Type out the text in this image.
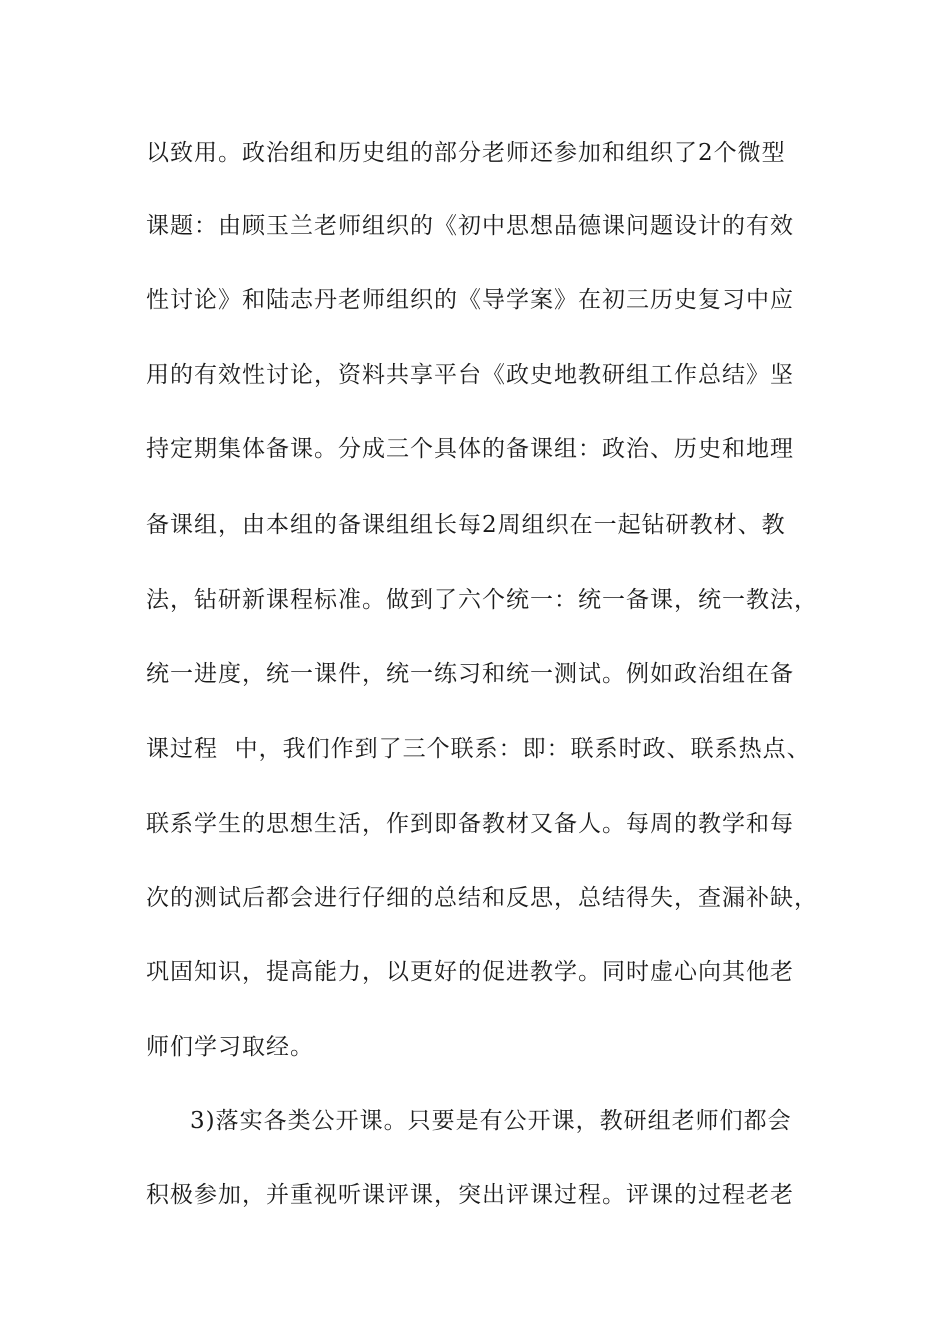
以致用。政治组和历史组的部分老师还参加和组织了2个微型
课题：由顾玉兰老师组织的《初中思想品德课问题设计的有效
性讨论》和陆志丹老师组织的《导学案》在初三历史复习中应
用的有效性讨论，资料共享平台《政史地教研组工作总结》坚
持定期集体备课。分成三个具体的备课组：政治、历史和地理
备课组，由本组的备课组组长每2周组织在一起钻研教材、教
法，钻研新课程标准。做到了六个统一：统一备课，统一教法，
统一进度，统一课件，统一练习和统一测试。例如政治组在备
课过程  中，我们作到了三个联系：即：联系时政、联系热点、
联系学生的思想生活，作到即备教材又备人。每周的教学和每
次的测试后都会进行仔细的总结和反思，总结得失，查漏补缺，
巩固知识，提高能力，以更好的促进教学。同时虚心向其他老
师们学习取经。
3)落实各类公开课。只要是有公开课，教研组老师们都会
积极参加，并重视听课评课，突出评课过程。评课的过程老老
